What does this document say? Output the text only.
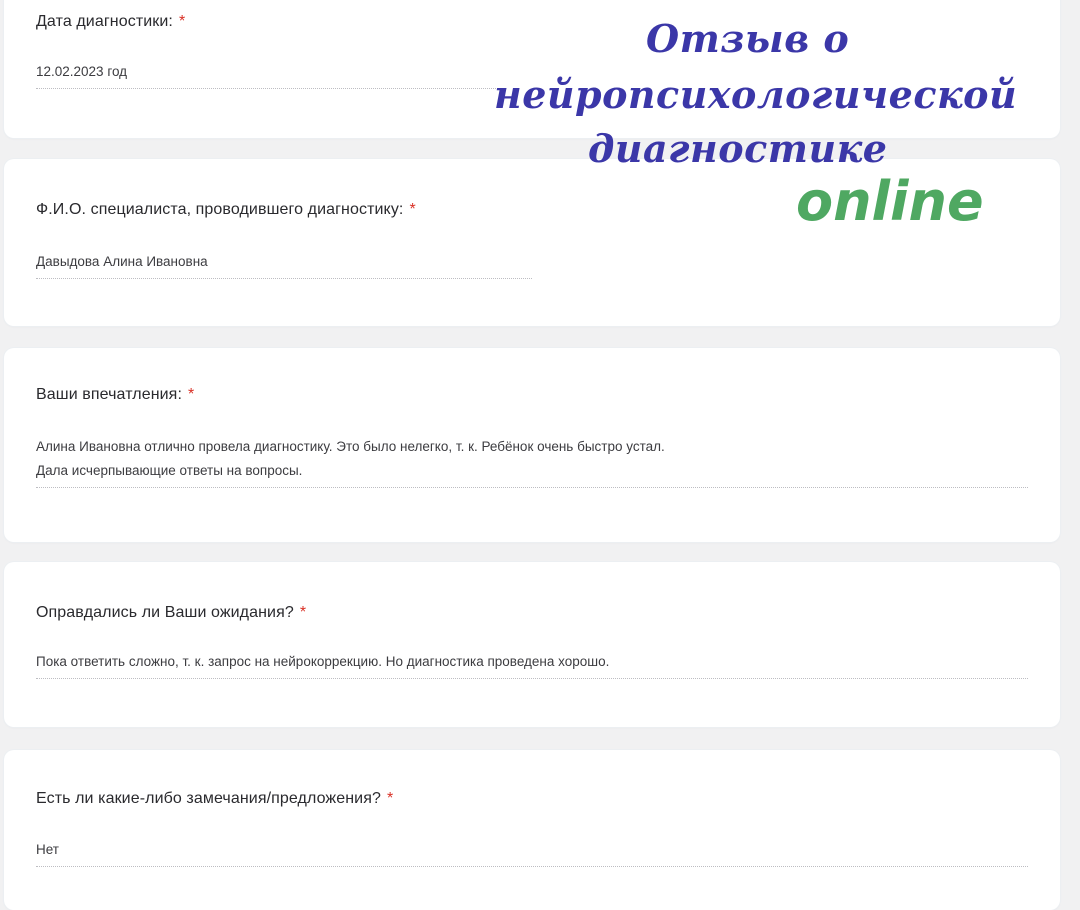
Дата диагностики: *
12.02.2023 год
Ф.И.О. специалиста, проводившего диагностику: *
Давыдова Алина Ивановна
Ваши впечатления: *
Алина Ивановна отлично провела диагностику. Это было нелегко, т. к. Ребёнок очень быстро устал.
Дала исчерпывающие ответы на вопросы.
Оправдались ли Ваши ожидания? *
Пока ответить сложно, т. к. запрос на нейрокоррекцию. Но диагностика проведена хорошо.
Есть ли какие-либо замечания/предложения? *
Нет
Отзыв о
нейропсихологической
диагностике
online
